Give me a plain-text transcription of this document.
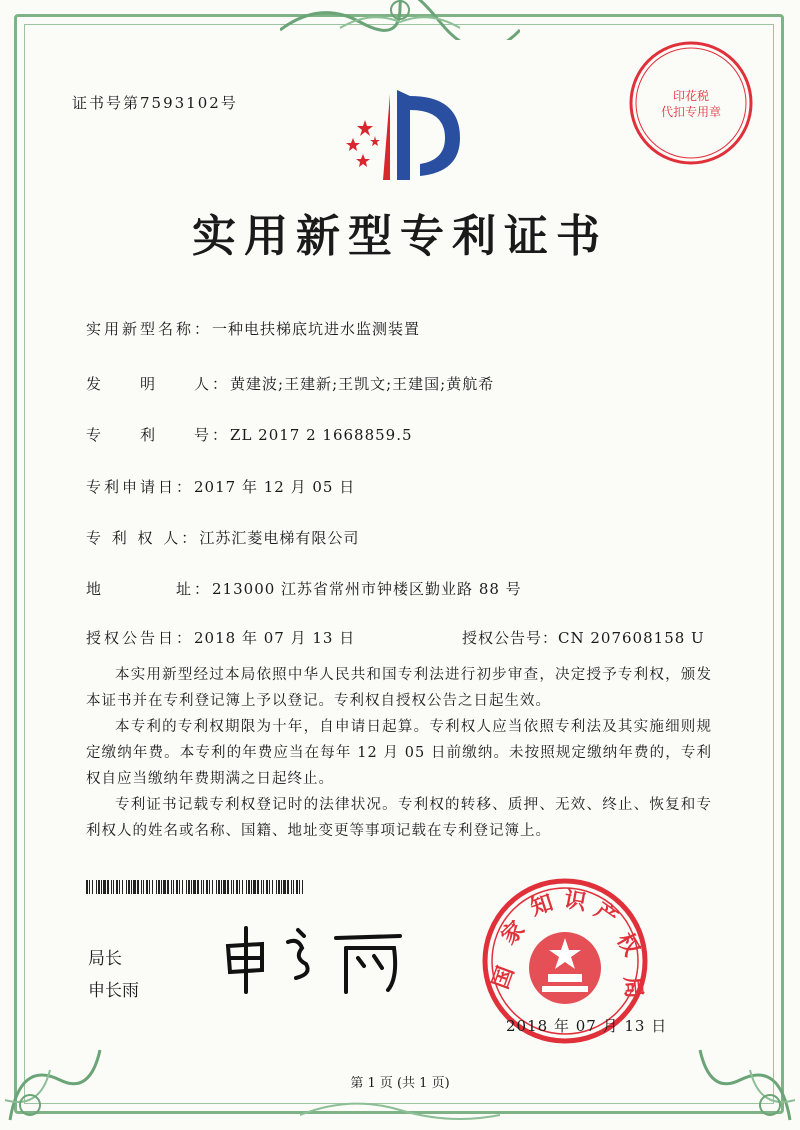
证书号第7593102号
实用新型专利证书
实用新型名称：一种电扶梯底坑进水监测装置
发　　明　　人：黄建波;王建新;王凯文;王建国;黄航希
专　　利　　号：ZL 2017 2 1668859.5
专利申请日：2017 年 12 月 05 日
专 利 权 人：江苏汇菱电梯有限公司
地　　　　址：213000 江苏省常州市钟楼区勤业路 88 号
授权公告日：2018 年 07 月 13 日	授权公告号：CN 207608158 U

本实用新型经过本局依照中华人民共和国专利法进行初步审查，决定授予专利权，颁发本证书并在专利登记簿上予以登记。专利权自授权公告之日起生效。

本专利的专利权期限为十年，自申请日起算。专利权人应当依照专利法及其实施细则规定缴纳年费。本专利的年费应当在每年 12 月 05 日前缴纳。未按照规定缴纳年费的，专利权自应当缴纳年费期满之日起终止。

专利证书记载专利权登记时的法律状况。专利权的转移、质押、无效、终止、恢复和专利权人的姓名或名称、国籍、地址变更等事项记载在专利登记簿上。

局长
申长雨	国
家
知 识 产
权
局
2018 年 07 月 13 日
印花税
代扣专用章
第 1 页 (共 1 页)
